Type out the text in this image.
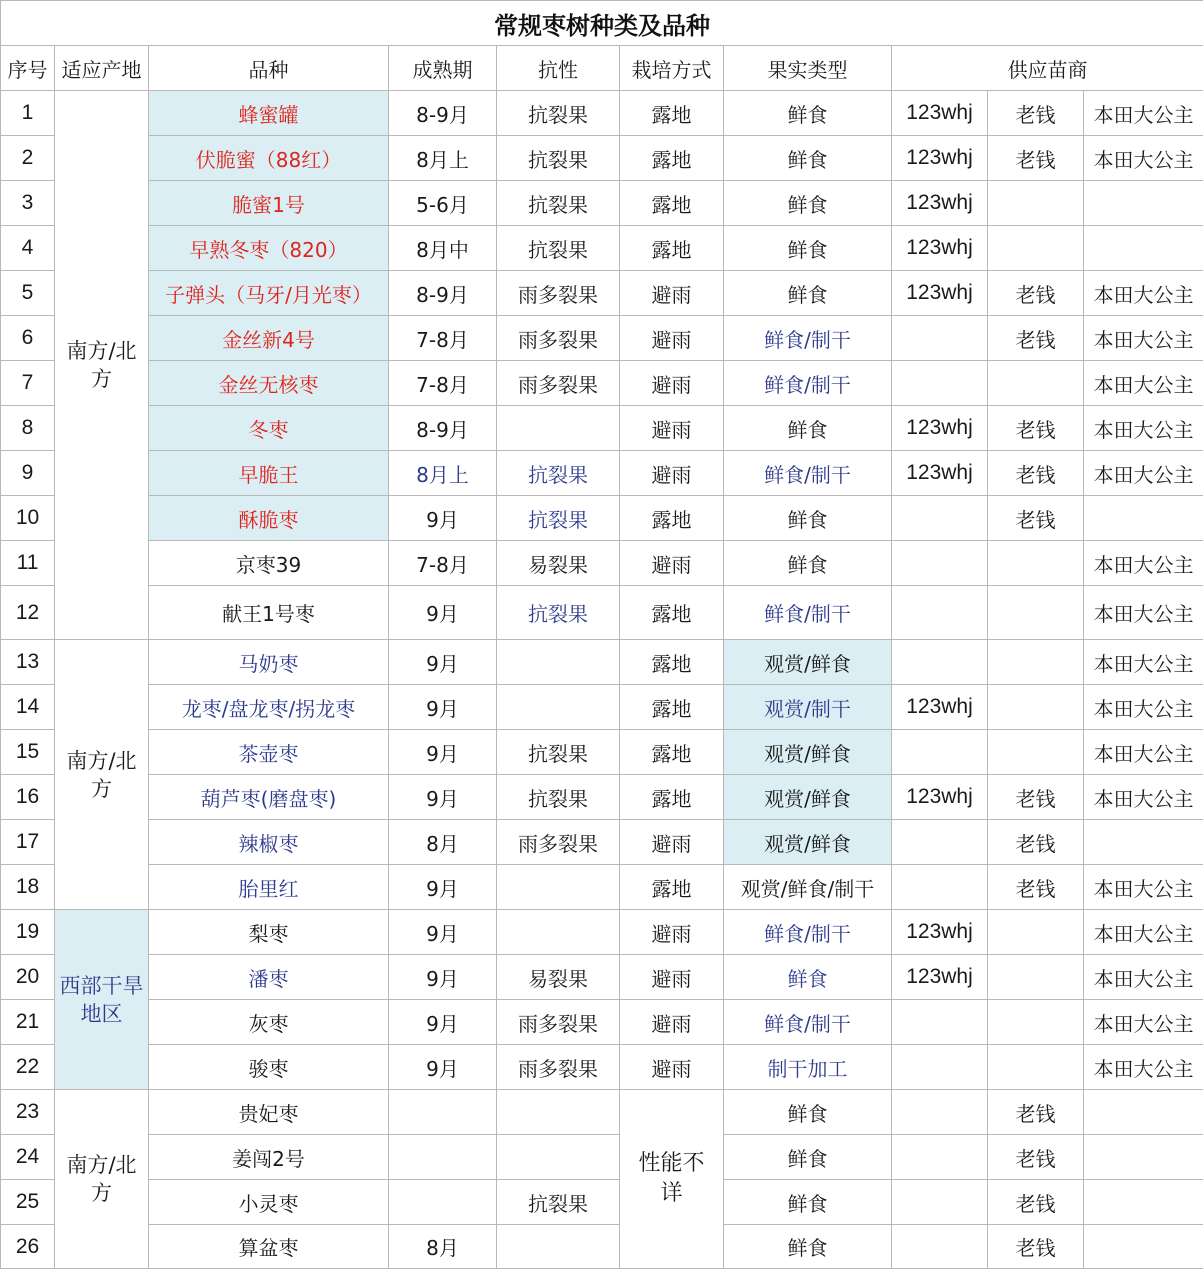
常规枣树种类及品种									
序号	适应产地	品种	成熟期	抗性	栽培方式	果实类型	供应苗商		
1	南方/北方	蜂蜜罐	8-9月	抗裂果	露地	鲜食	123whj	老钱	本田大公主
2		伏脆蜜（88红）	8月上	抗裂果	露地	鲜食	123whj	老钱	本田大公主
3		脆蜜1号	5-6月	抗裂果	露地	鲜食	123whj		
4		早熟冬枣（820）	8月中	抗裂果	露地	鲜食	123whj		
5		子弹头（马牙/月光枣）	8-9月	雨多裂果	避雨	鲜食	123whj	老钱	本田大公主
6		金丝新4号	7-8月	雨多裂果	避雨	鲜食/制干		老钱	本田大公主
7		金丝无核枣	7-8月	雨多裂果	避雨	鲜食/制干			本田大公主
8		冬枣	8-9月		避雨	鲜食	123whj	老钱	本田大公主
9		早脆王	8月上	抗裂果	避雨	鲜食/制干	123whj	老钱	本田大公主
10		酥脆枣	9月	抗裂果	露地	鲜食		老钱	
11		京枣39	7-8月	易裂果	避雨	鲜食			本田大公主
12		献王1号枣	9月	抗裂果	露地	鲜食/制干			本田大公主
13	南方/北方	马奶枣	9月		露地	观赏/鲜食			本田大公主
14		龙枣/盘龙枣/拐龙枣	9月		露地	观赏/制干	123whj		本田大公主
15		茶壶枣	9月	抗裂果	露地	观赏/鲜食			本田大公主
16		葫芦枣(磨盘枣)	9月	抗裂果	露地	观赏/鲜食	123whj	老钱	本田大公主
17		辣椒枣	8月	雨多裂果	避雨	观赏/鲜食		老钱	
18		胎里红	9月		露地	观赏/鲜食/制干		老钱	本田大公主
19	西部干旱地区	梨枣	9月		避雨	鲜食/制干	123whj		本田大公主
20		潘枣	9月	易裂果	避雨	鲜食	123whj		本田大公主
21		灰枣	9月	雨多裂果	避雨	鲜食/制干			本田大公主
22		骏枣	9月	雨多裂果	避雨	制干加工			本田大公主
23	南方/北方	贵妃枣			性能不详	鲜食		老钱	
24		姜闯2号				鲜食		老钱	
25		小灵枣		抗裂果		鲜食		老钱	
26		算盆枣	8月			鲜食		老钱	
